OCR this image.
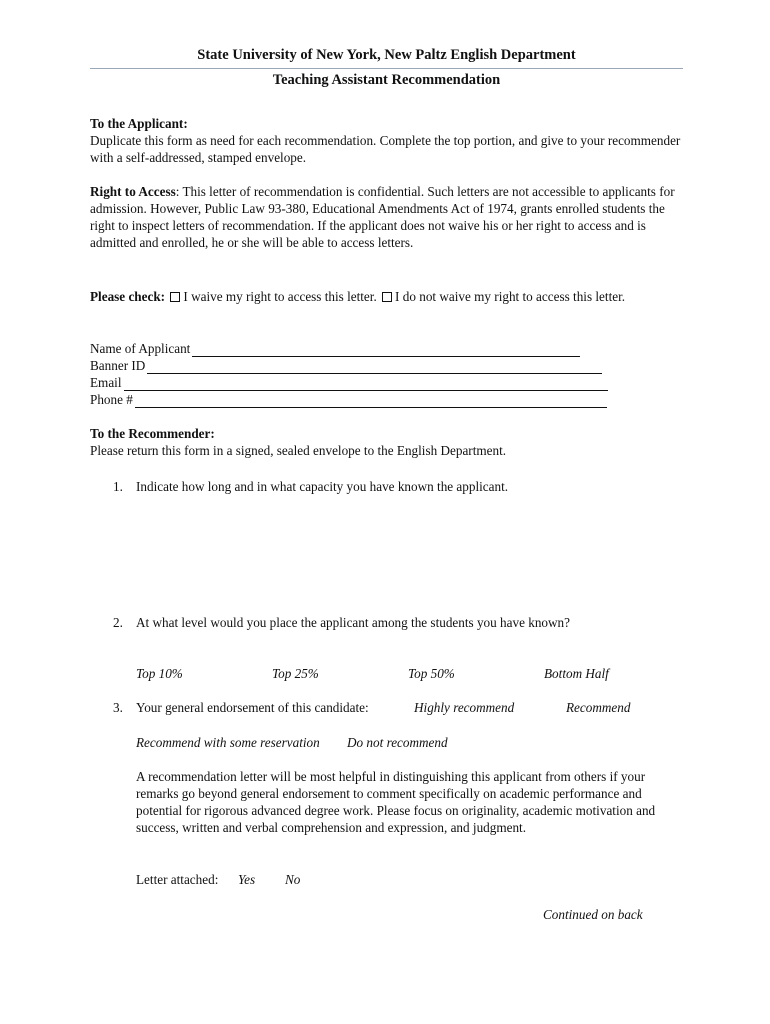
State University of New York, New Paltz English Department
Teaching Assistant Recommendation
To the Applicant:
Duplicate this form as need for each recommendation. Complete the top portion, and give to your recommender with a self-addressed, stamped envelope.
Right to Access: This letter of recommendation is confidential. Such letters are not accessible to applicants for admission. However, Public Law 93-380, Educational Amendments Act of 1974, grants enrolled students the right to inspect letters of recommendation. If the applicant does not waive his or her right to access and is admitted and enrolled, he or she will be able to access letters.
Please check: I waive my right to access this letter. I do not waive my right to access this letter.
Name of Applicant
Banner ID
Email
Phone #
To the Recommender:
Please return this form in a signed, sealed envelope to the English Department.
1. Indicate how long and in what capacity you have known the applicant.
2. At what level would you place the applicant among the students you have known?
Top 10%	Top 25%	Top 50%	Bottom Half
3. Your general endorsement of this candidate:	Highly recommend	Recommend
Recommend with some reservation Do not recommend
A recommendation letter will be most helpful in distinguishing this applicant from others if your remarks go beyond general endorsement to comment specifically on academic performance and potential for rigorous advanced degree work. Please focus on originality, academic motivation and success, written and verbal comprehension and expression, and judgment.
Letter attached: Yes No
Continued on back
